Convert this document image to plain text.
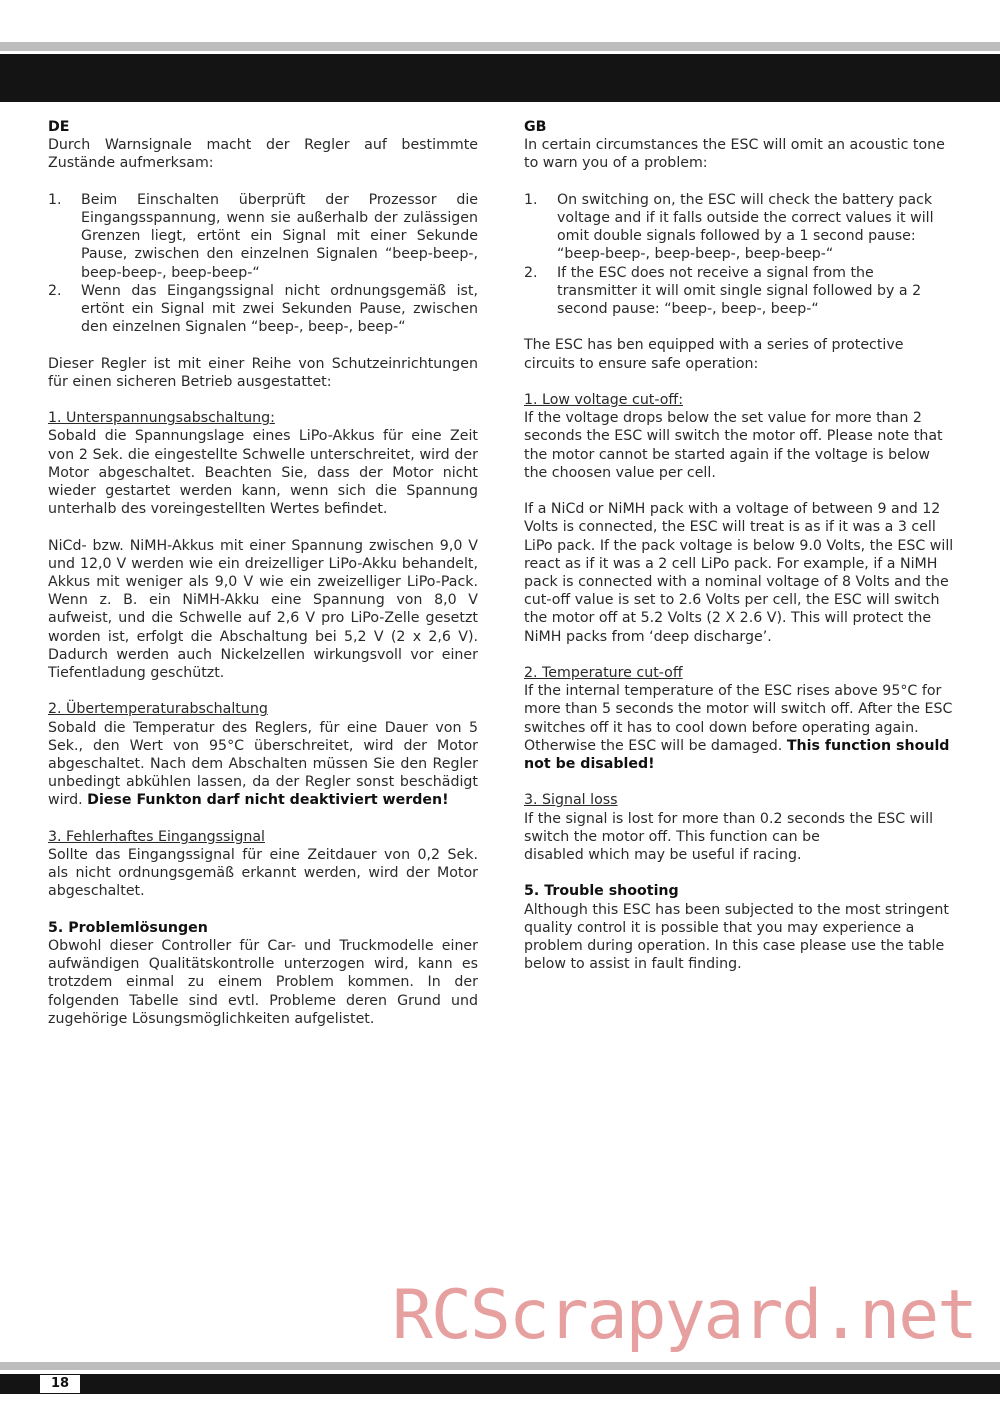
DE

Durch Warnsignale macht der Regler auf bestimmte Zustände aufmerksam:

1. Beim Einschalten überprüft der Prozessor die Eingangsspannung, wenn sie außerhalb der zulässigen Grenzen liegt, ertönt ein Signal mit einer Sekunde Pause, zwischen den einzelnen Signalen “beep-beep-, beep-beep-, beep-beep-“
2. Wenn das Eingangssignal nicht ordnungsgemäß ist, ertönt ein Signal mit zwei Sekunden Pause, zwischen den einzelnen Signalen “beep-, beep-, beep-“

Dieser Regler ist mit einer Reihe von Schutzeinrichtungen für einen sicheren Betrieb ausgestattet:

1. Unterspannungsabschaltung:

Sobald die Spannungslage eines LiPo-Akkus für eine Zeit von 2 Sek. die eingestellte Schwelle unterschreitet, wird der Motor abgeschaltet. Beachten Sie, dass der Motor nicht wieder gestartet werden kann, wenn sich die Spannung unterhalb des voreingestellten Wertes befindet.

NiCd- bzw. NiMH-Akkus mit einer Spannung zwischen 9,0 V und 12,0 V werden wie ein dreizelliger LiPo-Akku behandelt, Akkus mit weniger als 9,0 V wie ein zweizelliger LiPo-Pack. Wenn z. B. ein NiMH-Akku eine Spannung von 8,0 V aufweist, und die Schwelle auf 2,6 V pro LiPo-Zelle gesetzt worden ist, erfolgt die Abschaltung bei 5,2 V (2 x 2,6 V). Dadurch werden auch Nickelzellen wirkungsvoll vor einer Tiefentladung geschützt.

2. Übertemperaturabschaltung

Sobald die Temperatur des Reglers, für eine Dauer von 5 Sek., den Wert von 95°C überschreitet, wird der Motor abgeschaltet. Nach dem Abschalten müssen Sie den Regler unbedingt abkühlen lassen, da der Regler sonst beschädigt wird. Diese Funkton darf nicht deaktiviert werden!

3. Fehlerhaftes Eingangssignal

Sollte das Eingangssignal für eine Zeitdauer von 0,2 Sek. als nicht ordnungsgemäß erkannt werden, wird der Motor abgeschaltet.

5. Problemlösungen

Obwohl dieser Controller für Car- und Truckmodelle einer aufwändigen Qualitätskontrolle unterzogen wird, kann es trotzdem einmal zu einem Problem kommen. In der folgenden Tabelle sind evtl. Probleme deren Grund und zugehörige Lösungsmöglichkeiten aufgelistet.

GB

In certain circumstances the ESC will omit an acoustic tone to warn you of a problem:

1. On switching on, the ESC will check the battery pack voltage and if it falls outside the correct values it will omit double signals followed by a 1 second pause: “beep-beep-, beep-beep-, beep-beep-“
2. If the ESC does not receive a signal from the transmitter it will omit single signal followed by a 2 second pause: “beep-, beep-, beep-“

The ESC has ben equipped with a series of protective circuits to ensure safe operation:

1. Low voltage cut-off:

If the voltage drops below the set value for more than 2 seconds the ESC will switch the motor off. Please note that the motor cannot be started again if the voltage is below the choosen value per cell.

If a NiCd or NiMH pack with a voltage of between 9 and 12 Volts is connected, the ESC will treat is as if it was a 3 cell LiPo pack. If the pack voltage is below 9.0 Volts, the ESC will react as if it was a 2 cell LiPo pack. For example, if a NiMH pack is connected with a nominal voltage of 8 Volts and the cut-off value is set to 2.6 Volts per cell, the ESC will switch the motor off at 5.2 Volts (2 X 2.6 V). This will protect the NiMH packs from ‘deep discharge’.

2. Temperature cut-off

If the internal temperature of the ESC rises above 95°C for more than 5 seconds the motor will switch off. After the ESC switches off it has to cool down before operating again. Otherwise the ESC will be damaged. This function should not be disabled!

3. Signal loss

If the signal is lost for more than 0.2 seconds the ESC will switch the motor off. This function can be

disabled which may be useful if racing.

5. Trouble shooting

Although this ESC has been subjected to the most stringent quality control it is possible that you may experience a problem during operation. In this case please use the table below to assist in fault finding.

RCScrapyard.net
18
